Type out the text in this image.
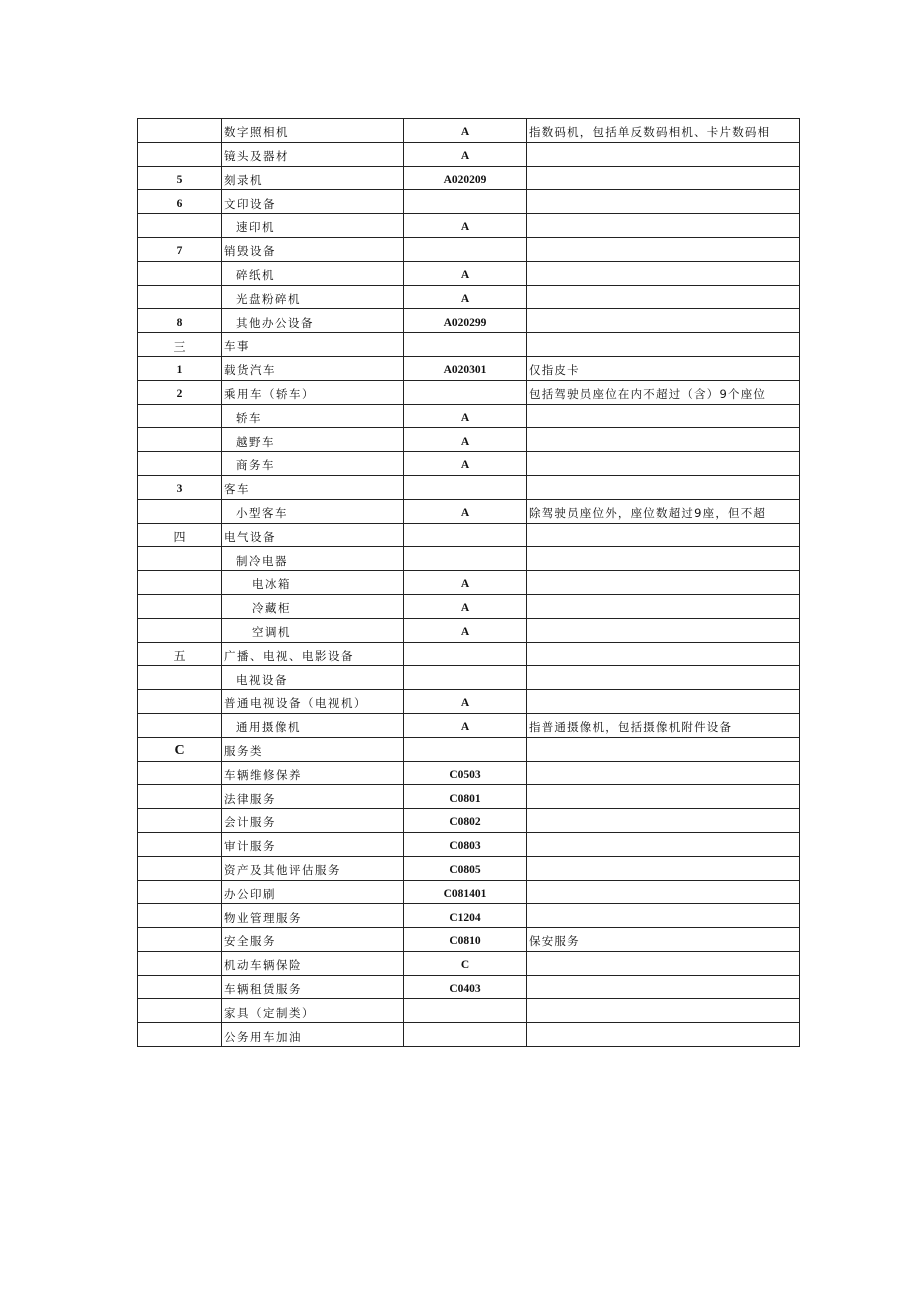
	数字照相机	A	指数码机，包括单反数码相机、卡片数码相
	镜头及器材	A	
5	刻录机	A020209	
6	文印设备		
	速印机	A	
7	销毁设备		
	碎纸机	A	
	光盘粉碎机	A	
8	其他办公设备	A020299	
三	车事		
1	载货汽车	A020301	仅指皮卡
2	乘用车（轿车）		包括驾驶员座位在内不超过（含）9个座位
	轿车	A	
	越野车	A	
	商务车	A	
3	客车		
	小型客车	A	除驾驶员座位外，座位数超过9座，但不超
四	电气设备		
	制冷电器		
	电冰箱	A	
	冷藏柜	A	
	空调机	A	
五	广播、电视、电影设备		
	电视设备		
	普通电视设备（电视机）	A	
	通用摄像机	A	指普通摄像机，包括摄像机附件设备
C	服务类		
	车辆维修保养	C0503	
	法律服务	C0801	
	会计服务	C0802	
	审计服务	C0803	
	资产及其他评估服务	C0805	
	办公印刷	C081401	
	物业管理服务	C1204	
	安全服务	C0810	保安服务
	机动车辆保险	C	
	车辆租赁服务	C0403	
	家具（定制类）		
	公务用车加油		
